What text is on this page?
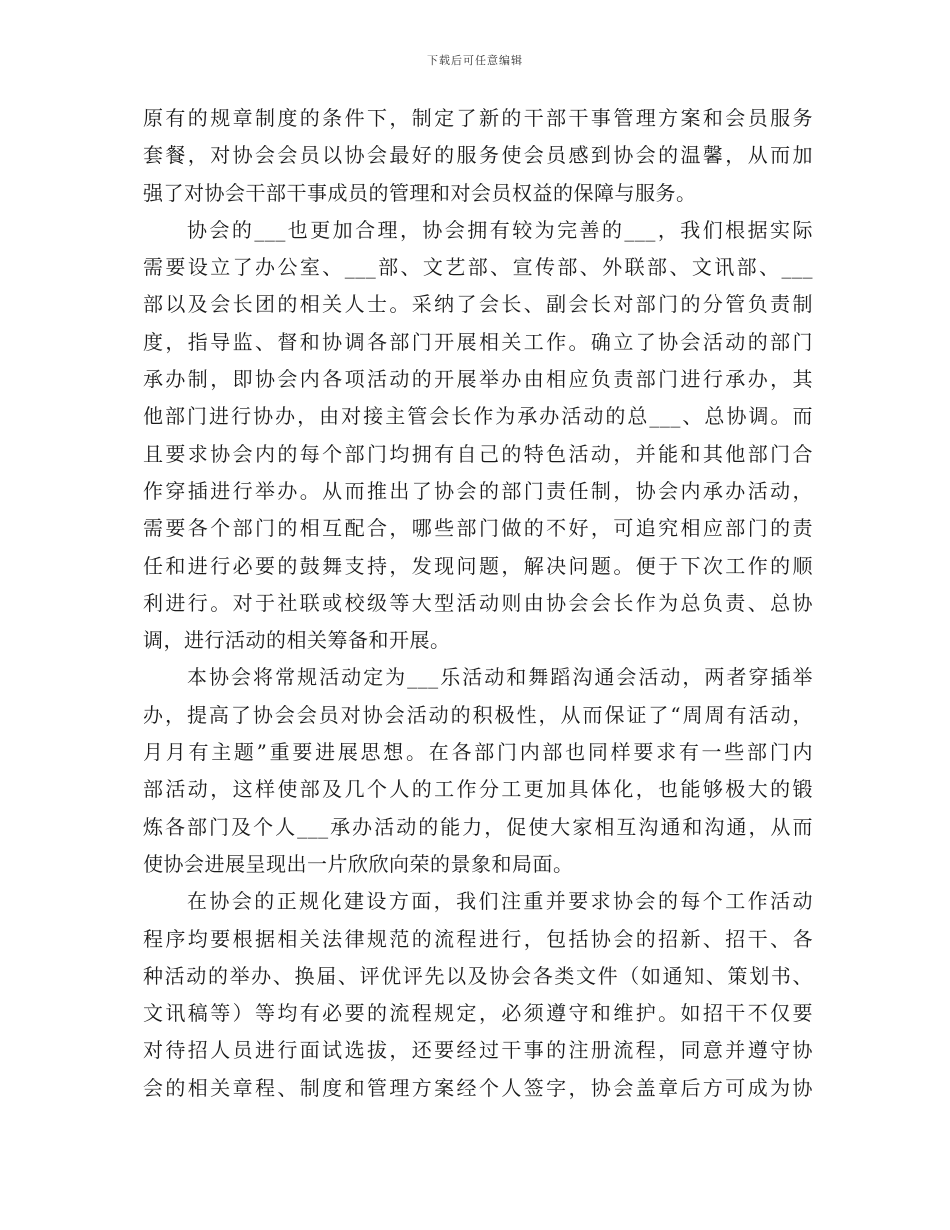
下载后可任意编辑
原有的规章制度的条件下，制定了新的干部干事管理方案和会员服务
套餐，对协会会员以协会最好的服务使会员感到协会的温馨，从而加
强了对协会干部干事成员的管理和对会员权益的保障与服务。
协会的___也更加合理，协会拥有较为完善的___，我们根据实际
需要设立了办公室、___部、文艺部、宣传部、外联部、文讯部、___
部以及会长团的相关人士。采纳了会长、副会长对部门的分管负责制
度，指导监、督和协调各部门开展相关工作。确立了协会活动的部门
承办制，即协会内各项活动的开展举办由相应负责部门进行承办，其
他部门进行协办，由对接主管会长作为承办活动的总___、总协调。而
且要求协会内的每个部门均拥有自己的特色活动，并能和其他部门合
作穿插进行举办。从而推出了协会的部门责任制，协会内承办活动，
需要各个部门的相互配合，哪些部门做的不好，可追究相应部门的责
任和进行必要的鼓舞支持，发现问题，解决问题。便于下次工作的顺
利进行。对于社联或校级等大型活动则由协会会长作为总负责、总协
调，进行活动的相关筹备和开展。
本协会将常规活动定为___乐活动和舞蹈沟通会活动，两者穿插举
办，提高了协会会员对协会活动的积极性，从而保证了“周周有活动，
月月有主题”重要进展思想。在各部门内部也同样要求有一些部门内
部活动，这样使部及几个人的工作分工更加具体化，也能够极大的锻
炼各部门及个人___承办活动的能力，促使大家相互沟通和沟通，从而
使协会进展呈现出一片欣欣向荣的景象和局面。
在协会的正规化建设方面，我们注重并要求协会的每个工作活动
程序均要根据相关法律规范的流程进行，包括协会的招新、招干、各
种活动的举办、换届、评优评先以及协会各类文件（如通知、策划书、
文讯稿等）等均有必要的流程规定，必须遵守和维护。如招干不仅要
对待招人员进行面试选拔，还要经过干事的注册流程，同意并遵守协
会的相关章程、制度和管理方案经个人签字，协会盖章后方可成为协
